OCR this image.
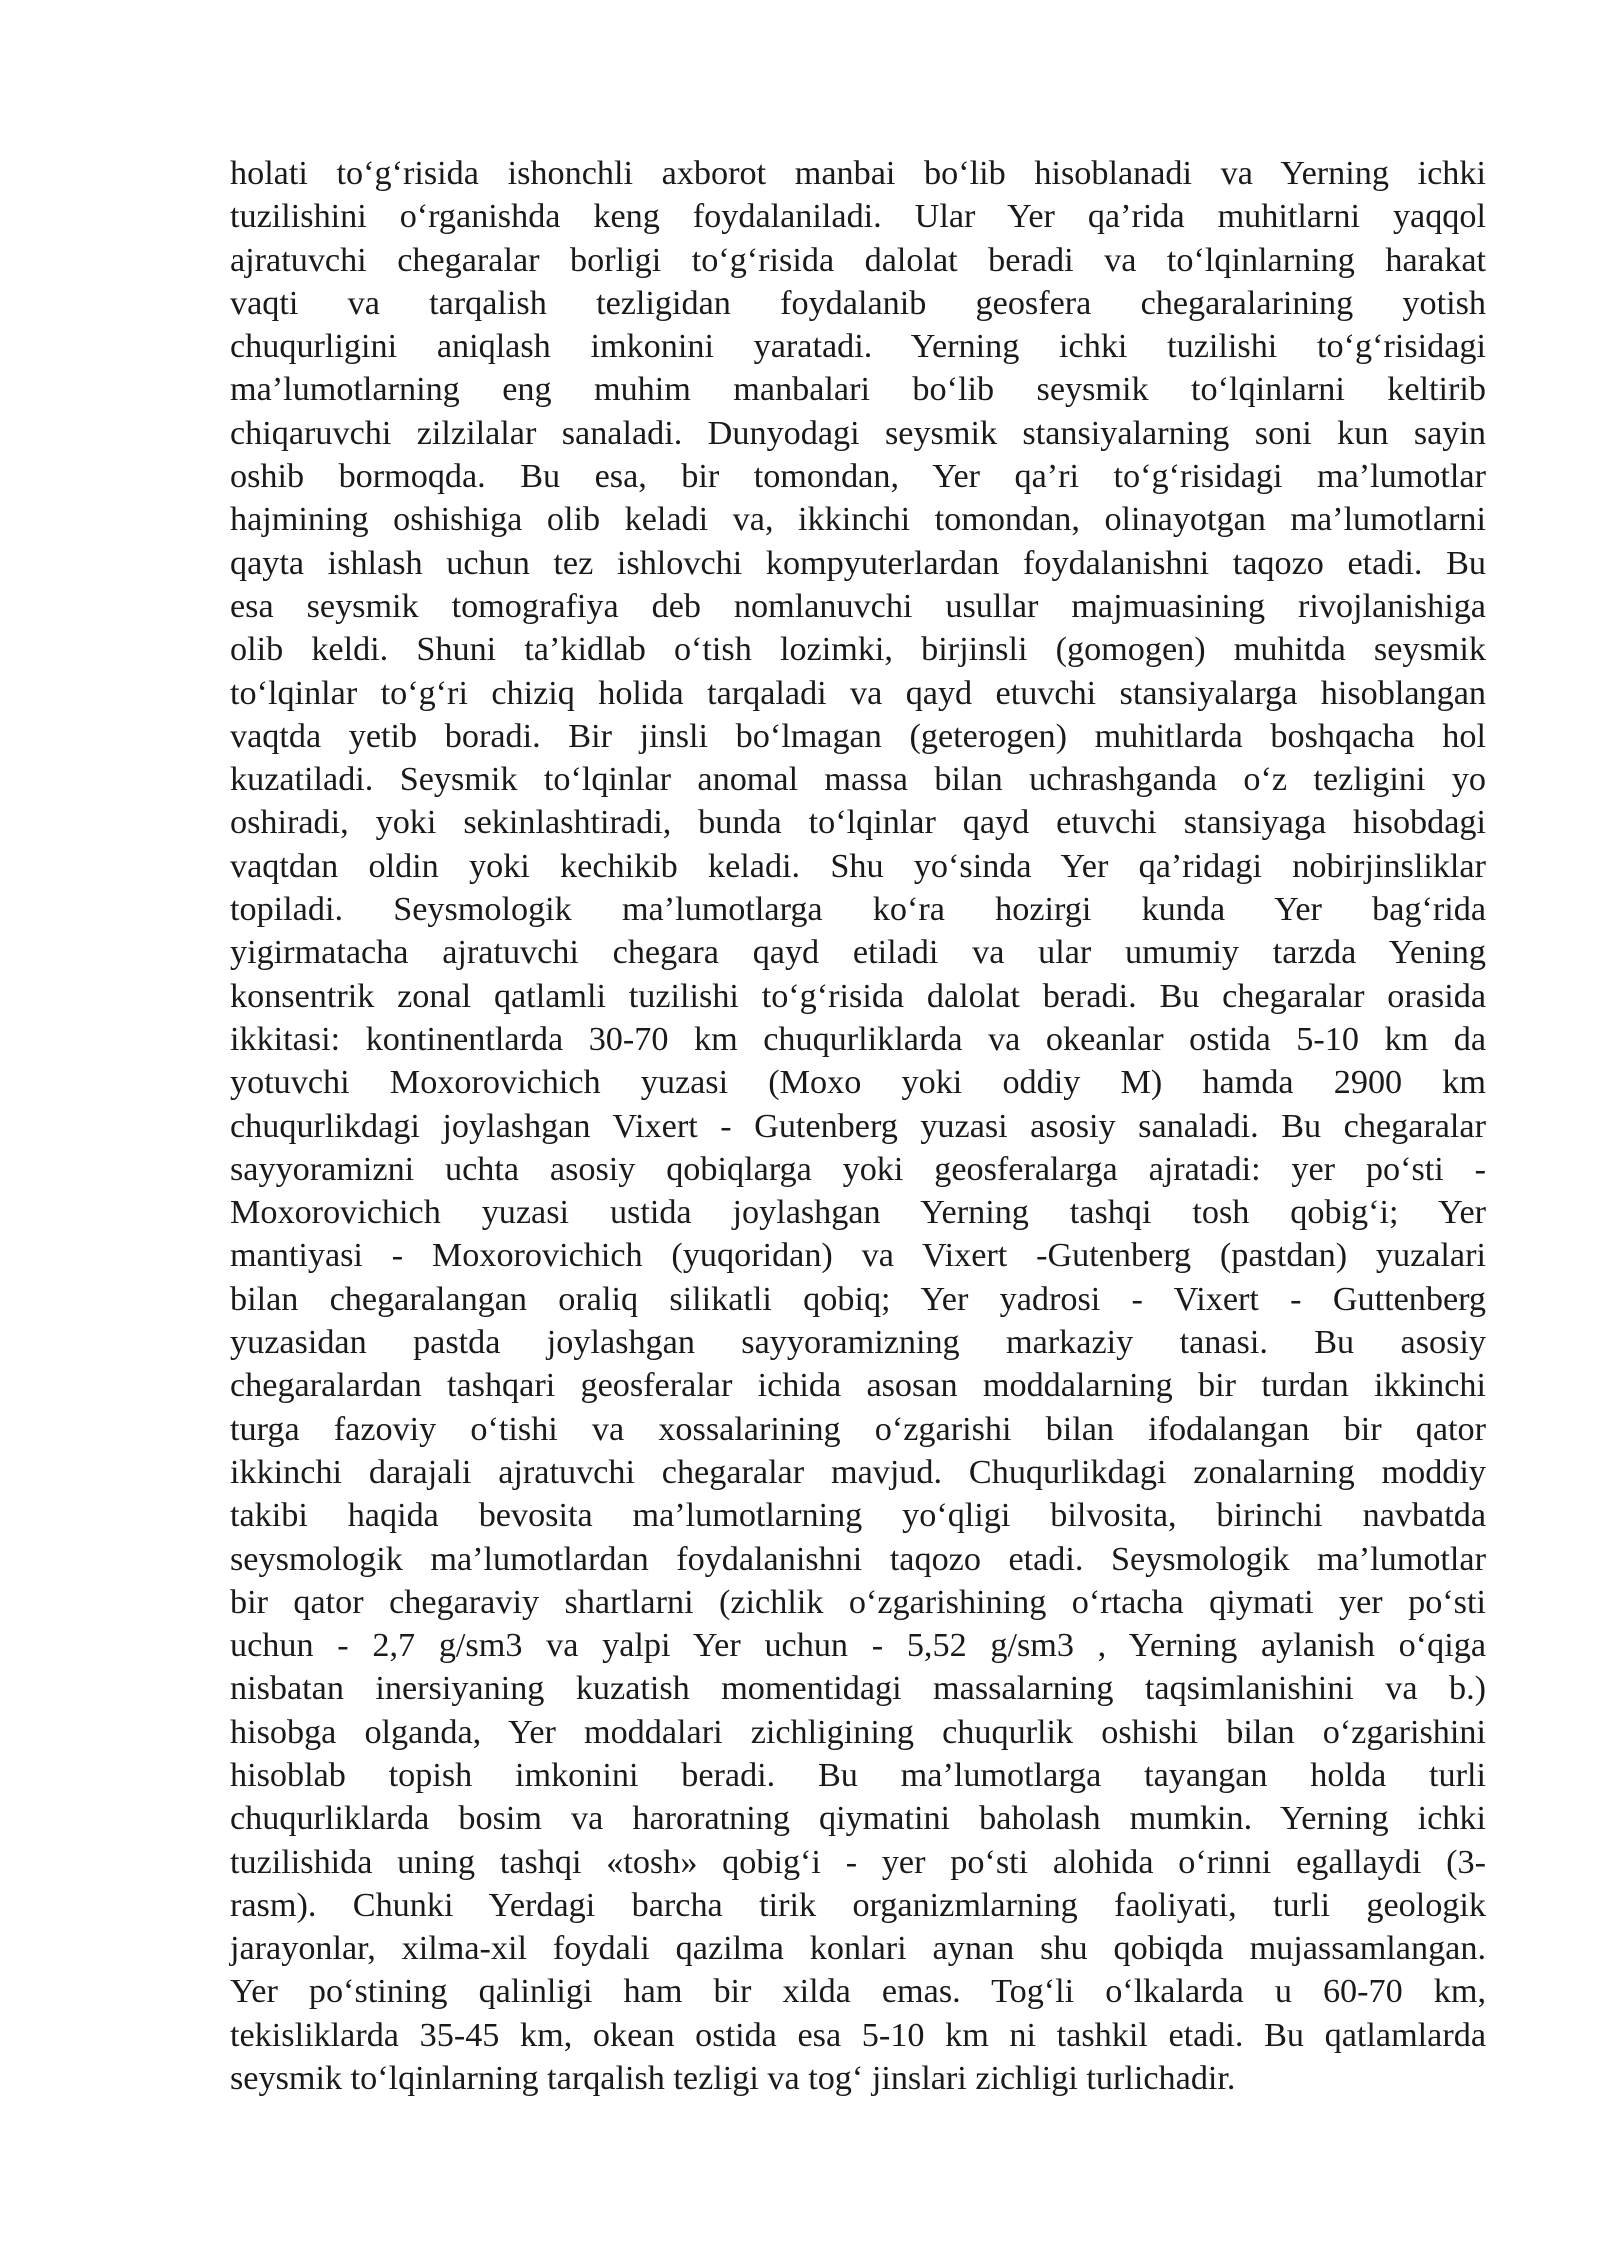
holati to‘g‘risida ishonchli axborot manbai bo‘lib hisoblanadi va Yerning ichki
tuzilishini o‘rganishda keng foydalaniladi. Ular Yer qa’rida muhitlarni yaqqol
ajratuvchi chegaralar borligi to‘g‘risida dalolat beradi va to‘lqinlarning harakat
vaqti va tarqalish tezligidan foydalanib geosfera chegaralarining yotish
chuqurligini aniqlash imkonini yaratadi. Yerning ichki tuzilishi to‘g‘risidagi
ma’lumotlarning eng muhim manbalari bo‘lib seysmik to‘lqinlarni keltirib
chiqaruvchi zilzilalar sanaladi. Dunyodagi seysmik stansiyalarning soni kun sayin
oshib bormoqda. Bu esa, bir tomondan, Yer qa’ri to‘g‘risidagi ma’lumotlar
hajmining oshishiga olib keladi va, ikkinchi tomondan, olinayotgan ma’lumotlarni
qayta ishlash uchun tez ishlovchi kompyuterlardan foydalanishni taqozo etadi. Bu
esa seysmik tomografiya deb nomlanuvchi usullar majmuasining rivojlanishiga
olib keldi. Shuni ta’kidlab o‘tish lozimki, birjinsli (gomogen) muhitda seysmik
to‘lqinlar to‘g‘ri chiziq holida tarqaladi va qayd etuvchi stansiyalarga hisoblangan
vaqtda yetib boradi. Bir jinsli bo‘lmagan (geterogen) muhitlarda boshqacha hol
kuzatiladi. Seysmik to‘lqinlar anomal massa bilan uchrashganda o‘z tezligini yo
oshiradi, yoki sekinlashtiradi, bunda to‘lqinlar qayd etuvchi stansiyaga hisobdagi
vaqtdan oldin yoki kechikib keladi. Shu yo‘sinda Yer qa’ridagi nobirjinsliklar
topiladi. Seysmologik ma’lumotlarga ko‘ra hozirgi kunda Yer bag‘rida
yigirmatacha ajratuvchi chegara qayd etiladi va ular umumiy tarzda Yening
konsentrik zonal qatlamli tuzilishi to‘g‘risida dalolat beradi. Bu chegaralar orasida
ikkitasi: kontinentlarda 30-70 km chuqurliklarda va okeanlar ostida 5-10 km da
yotuvchi Moxorovichich yuzasi (Moxo yoki oddiy M) hamda 2900 km
chuqurlikdagi joylashgan Vixert - Gutenberg yuzasi asosiy sanaladi. Bu chegaralar
sayyoramizni uchta asosiy qobiqlarga yoki geosferalarga ajratadi: yer po‘sti -
Moxorovichich yuzasi ustida joylashgan Yerning tashqi tosh qobig‘i; Yer
mantiyasi - Moxorovichich (yuqoridan) va Vixert -Gutenberg (pastdan) yuzalari
bilan chegaralangan oraliq silikatli qobiq; Yer yadrosi - Vixert - Guttenberg
yuzasidan pastda joylashgan sayyoramizning markaziy tanasi. Bu asosiy
chegaralardan tashqari geosferalar ichida asosan moddalarning bir turdan ikkinchi
turga fazoviy o‘tishi va xossalarining o‘zgarishi bilan ifodalangan bir qator
ikkinchi darajali ajratuvchi chegaralar mavjud. Chuqurlikdagi zonalarning moddiy
takibi haqida bevosita ma’lumotlarning yo‘qligi bilvosita, birinchi navbatda
seysmologik ma’lumotlardan foydalanishni taqozo etadi. Seysmologik ma’lumotlar
bir qator chegaraviy shartlarni (zichlik o‘zgarishining o‘rtacha qiymati yer po‘sti
uchun - 2,7 g/sm3 va yalpi Yer uchun - 5,52 g/sm3 , Yerning aylanish o‘qiga
nisbatan inersiyaning kuzatish momentidagi massalarning taqsimlanishini va b.)
hisobga olganda, Yer moddalari zichligining chuqurlik oshishi bilan o‘zgarishini
hisoblab topish imkonini beradi. Bu ma’lumotlarga tayangan holda turli
chuqurliklarda bosim va haroratning qiymatini baholash mumkin. Yerning ichki
tuzilishida uning tashqi «tosh» qobig‘i - yer po‘sti alohida o‘rinni egallaydi (3-
rasm). Chunki Yerdagi barcha tirik organizmlarning faoliyati, turli geologik
jarayonlar, xilma-xil foydali qazilma konlari aynan shu qobiqda mujassamlangan.
Yer po‘stining qalinligi ham bir xilda emas. Tog‘li o‘lkalarda u 60-70 km,
tekisliklarda 35-45 km, okean ostida esa 5-10 km ni tashkil etadi. Bu qatlamlarda
seysmik to‘lqinlarning tarqalish tezligi va tog‘ jinslari zichligi turlichadir.
